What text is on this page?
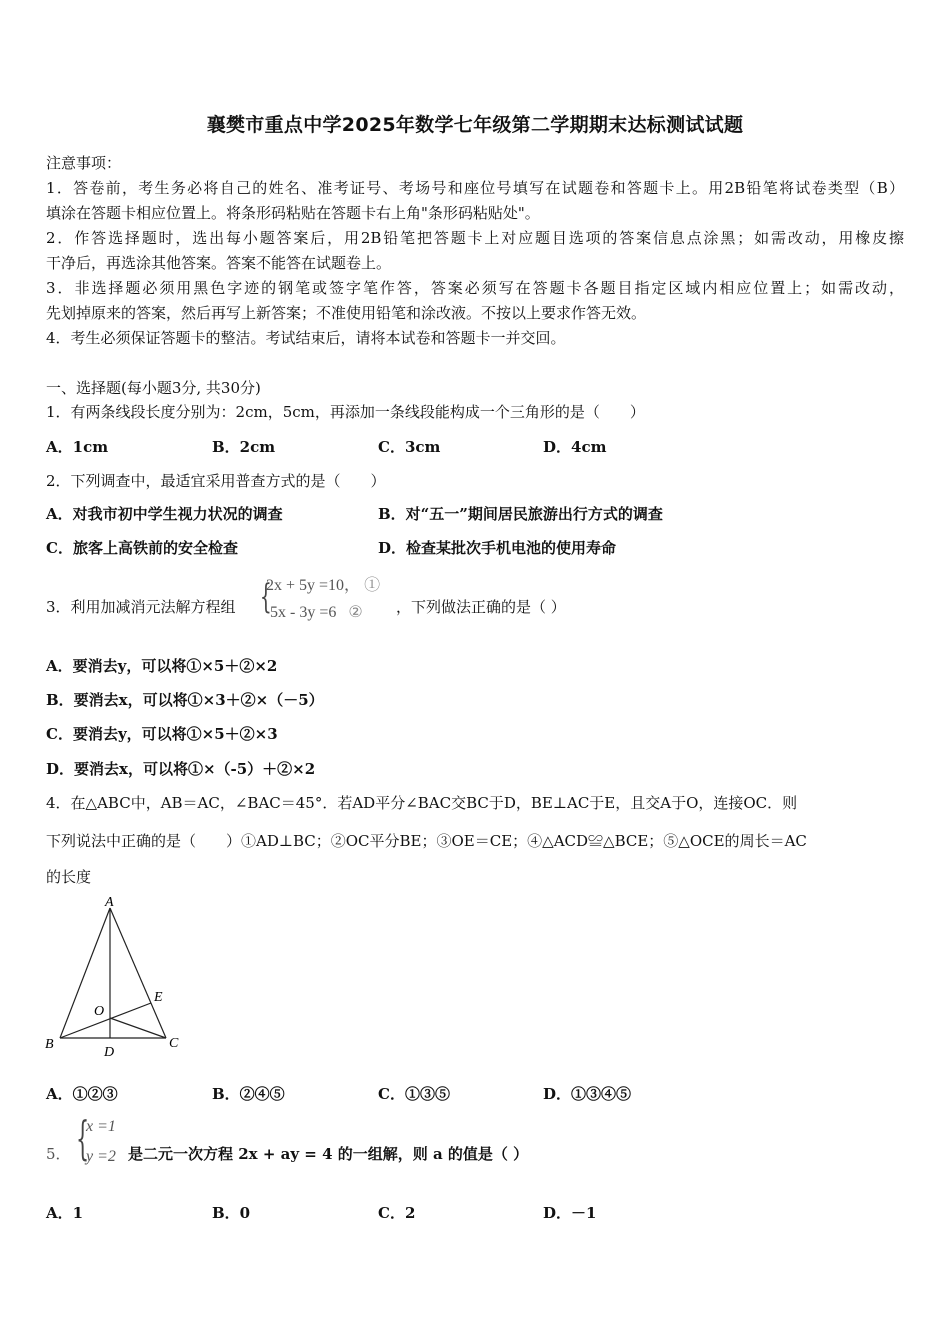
襄樊市重点中学2025年数学七年级第二学期期末达标测试试题
注意事项：
1．答卷前，考生务必将自己的姓名、准考证号、考场号和座位号填写在试题卷和答题卡上。用2B铅笔将试卷类型（B）
填涂在答题卡相应位置上。将条形码粘贴在答题卡右上角"条形码粘贴处"。
2．作答选择题时，选出每小题答案后，用2B铅笔把答题卡上对应题目选项的答案信息点涂黑；如需改动，用橡皮擦
干净后，再选涂其他答案。答案不能答在试题卷上。
3．非选择题必须用黑色字迹的钢笔或签字笔作答，答案必须写在答题卡各题目指定区域内相应位置上；如需改动，
先划掉原来的答案，然后再写上新答案；不准使用铅笔和涂改液。不按以上要求作答无效。
4．考生必须保证答题卡的整洁。考试结束后，请将本试卷和答题卡一并交回。
一、选择题(每小题3分, 共30分)
1．有两条线段长度分别为：2cm，5cm，再添加一条线段能构成一个三角形的是（　　）
A．1cm	B．2cm	C．3cm	D．4cm
2．下列调查中，最适宜采用普查方式的是（　　）
A．对我市初中学生视力状况的调查	B．对“五一”期间居民旅游出行方式的调查
C．旅客上高铁前的安全检查	D．检查某批次手机电池的使用寿命
3．利用加减消元法解方程组 {
2x + 5y =10， ①
5x - 3y =6 ② ，下列做法正确的是（ ）
A．要消去y，可以将①×5＋②×2
B．要消去x，可以将①×3＋②×（－5）
C．要消去y，可以将①×5＋②×3
D．要消去x，可以将①×（-5）＋②×2
4．在△ABC中，AB＝AC，∠BAC＝45°．若AD平分∠BAC交BC于D，BE⊥AC于E，且交A于O，连接OC．则
下列说法中正确的是（　　）①AD⊥BC；②OC平分BE；③OE＝CE；④△ACD≌△BCE；⑤△OCE的周长＝AC
的长度
A
B	C
D
E
O
A．①②③	B．②④⑤	C．①③⑤	D．①③④⑤
5． {
x =1
y =2 是二元一次方程 2x + ay = 4 的一组解，则 a 的值是（ ）
A．1	B．0	C．2	D．－1
